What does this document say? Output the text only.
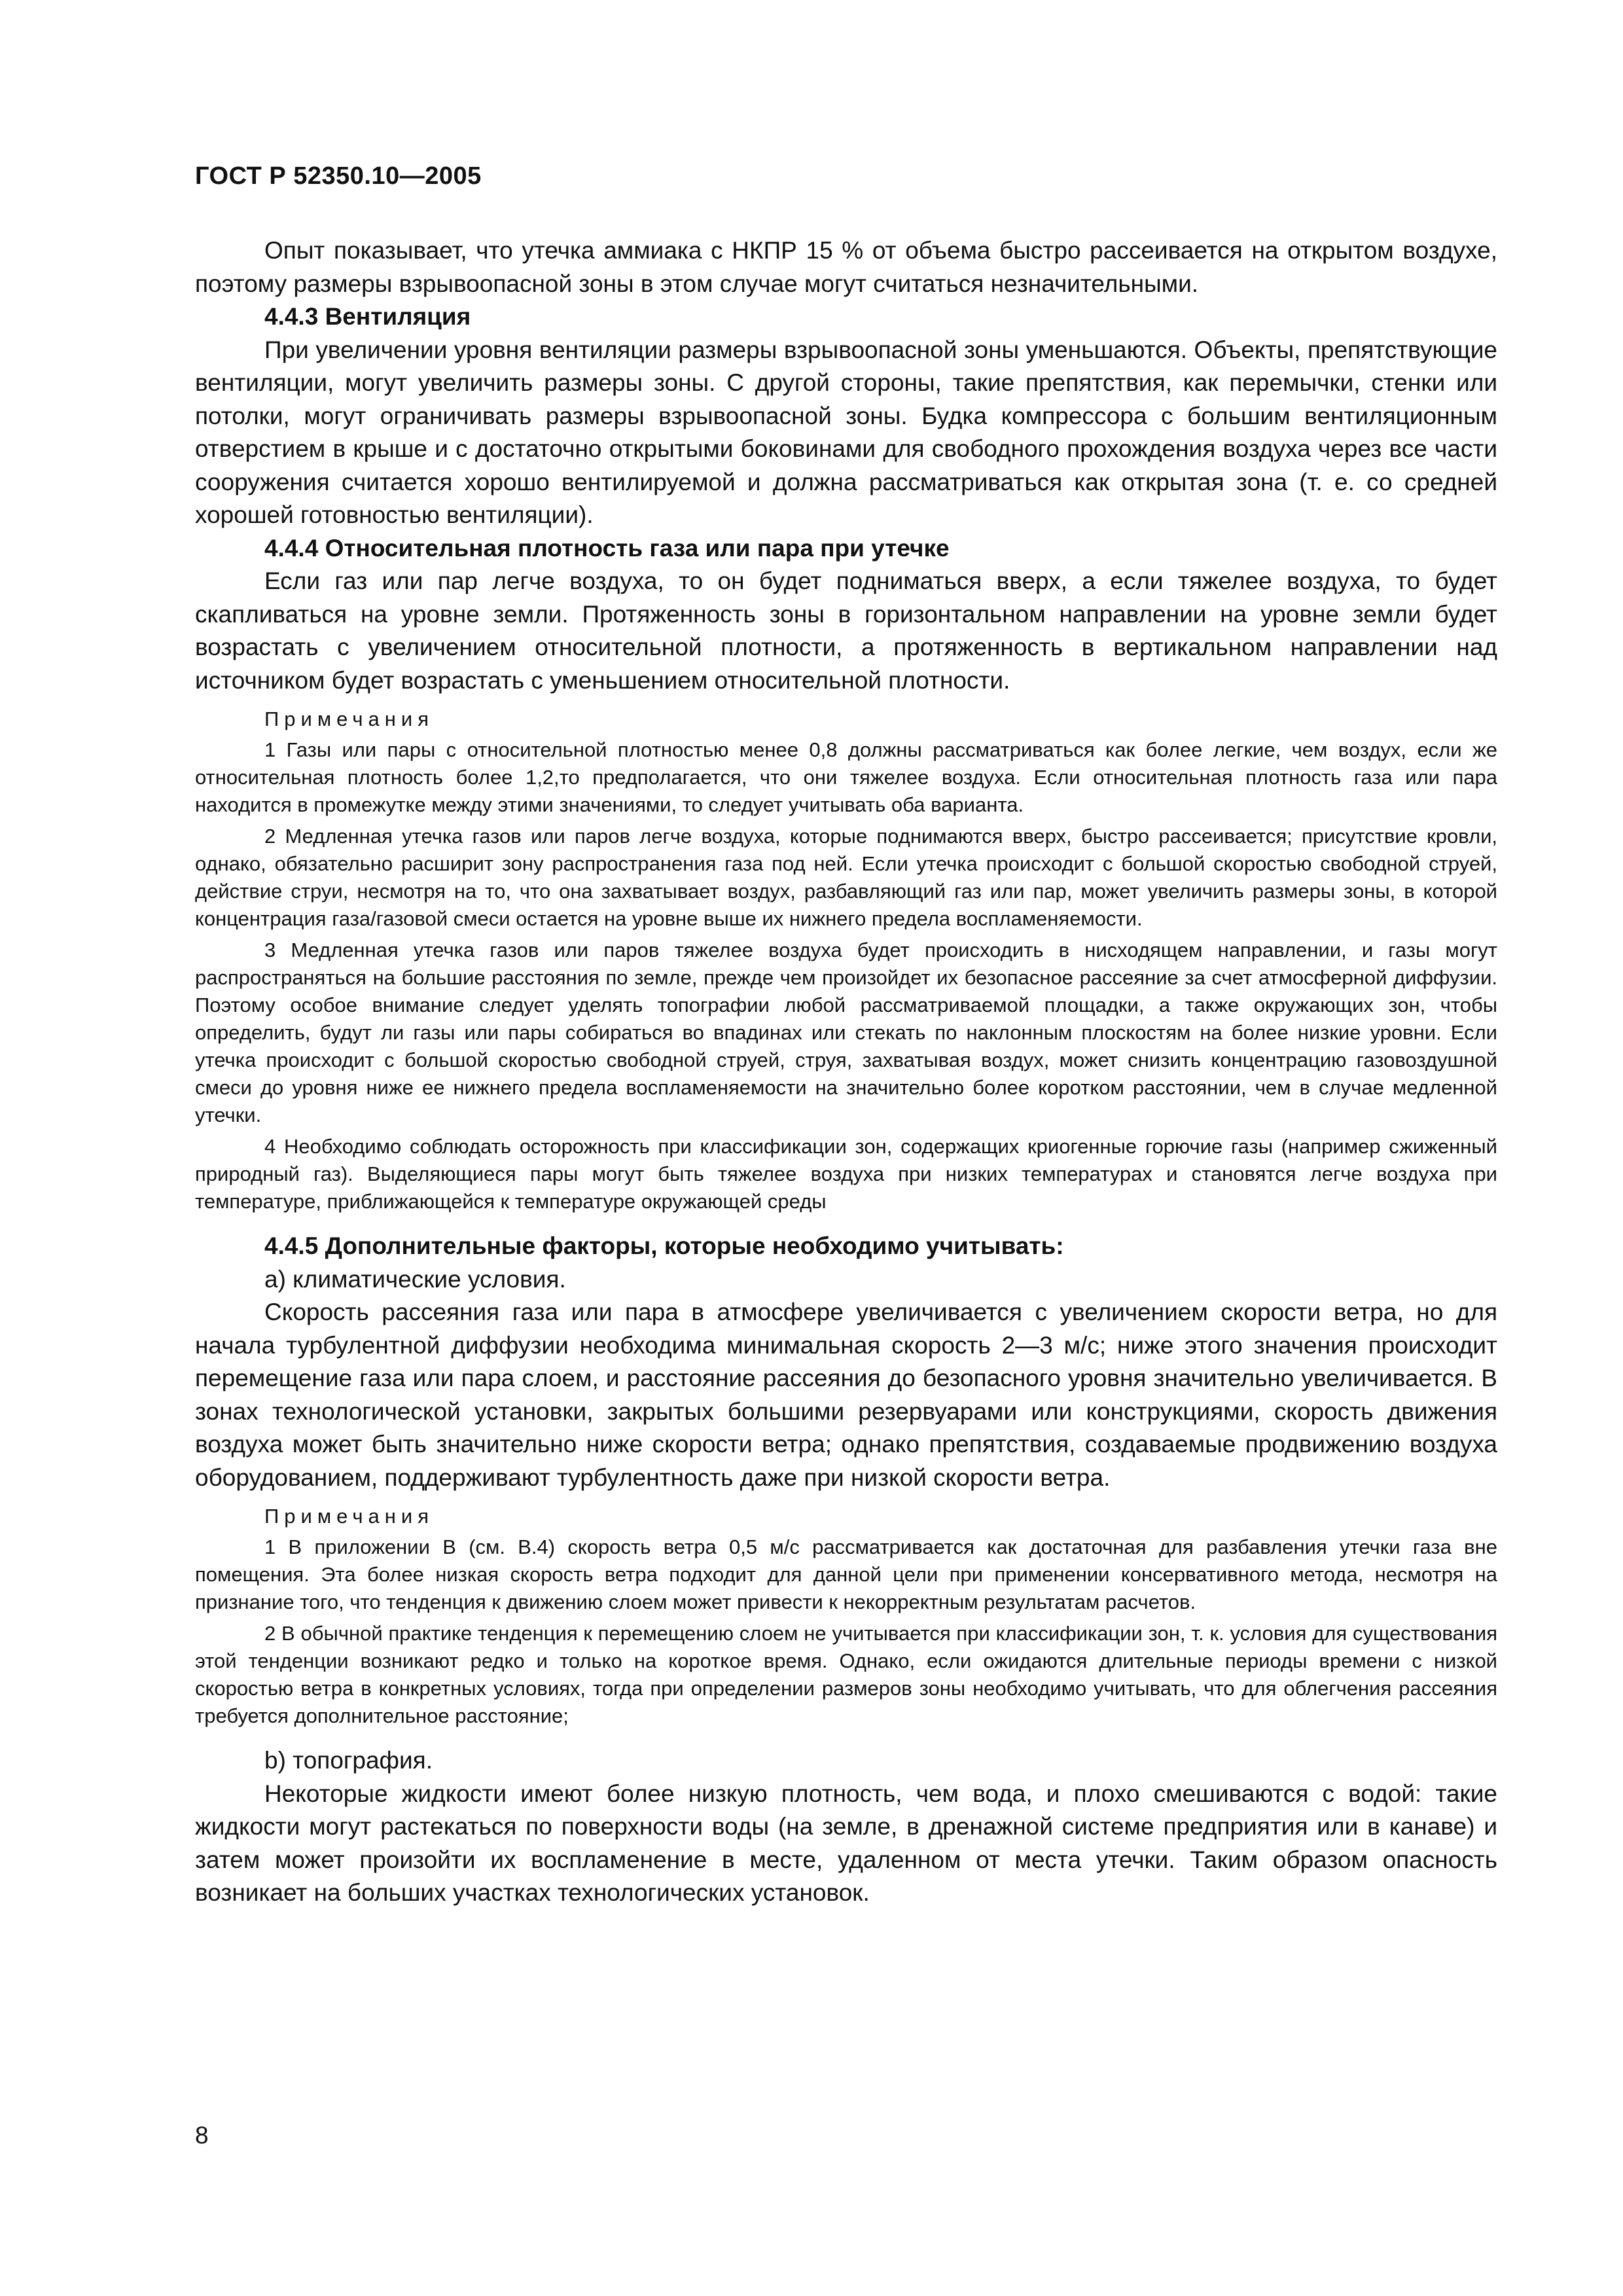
ГОСТ Р 52350.10—2005

Опыт показывает, что утечка аммиака с НКПР 15 % от объема быстро рассеивается на открытом воздухе, поэтому размеры взрывоопасной зоны в этом случае могут считаться незначительными.

4.4.3 Вентиляция

При увеличении уровня вентиляции размеры взрывоопасной зоны уменьшаются. Объекты, препятствующие вентиляции, могут увеличить размеры зоны. С другой стороны, такие препятствия, как перемычки, стенки или потолки, могут ограничивать размеры взрывоопасной зоны. Будка компрессора с большим вентиляционным отверстием в крыше и с достаточно открытыми боковинами для свободного прохождения воздуха через все части сооружения считается хорошо вентилируемой и должна рассматриваться как открытая зона (т. е. со средней хорошей готовностью вентиляции).

4.4.4 Относительная плотность газа или пара при утечке

Если газ или пар легче воздуха, то он будет подниматься вверх, а если тяжелее воздуха, то будет скапливаться на уровне земли. Протяженность зоны в горизонтальном направлении на уровне земли будет возрастать с увеличением относительной плотности, а протяженность в вертикальном направлении над источником будет возрастать с уменьшением относительной плотности.

Примечания

1 Газы или пары с относительной плотностью менее 0,8 должны рассматриваться как более легкие, чем воздух, если же относительная плотность более 1,2,то предполагается, что они тяжелее воздуха. Если относительная плотность газа или пара находится в промежутке между этими значениями, то следует учитывать оба варианта.

2 Медленная утечка газов или паров легче воздуха, которые поднимаются вверх, быстро рассеивается; присутствие кровли, однако, обязательно расширит зону распространения газа под ней. Если утечка происходит с большой скоростью свободной струей, действие струи, несмотря на то, что она захватывает воздух, разбавляющий газ или пар, может увеличить размеры зоны, в которой концентрация газа/газовой смеси остается на уровне выше их нижнего предела воспламеняемости.

3 Медленная утечка газов или паров тяжелее воздуха будет происходить в нисходящем направлении, и газы могут распространяться на большие расстояния по земле, прежде чем произойдет их безопасное рассеяние за счет атмосферной диффузии. Поэтому особое внимание следует уделять топографии любой рассматриваемой площадки, а также окружающих зон, чтобы определить, будут ли газы или пары собираться во впадинах или стекать по наклонным плоскостям на более низкие уровни. Если утечка происходит с большой скоростью свободной струей, струя, захватывая воздух, может снизить концентрацию газовоздушной смеси до уровня ниже ее нижнего предела воспламеняемости на значительно более коротком расстоянии, чем в случае медленной утечки.

4 Необходимо соблюдать осторожность при классификации зон, содержащих криогенные горючие газы (например сжиженный природный газ). Выделяющиеся пары могут быть тяжелее воздуха при низких температурах и становятся легче воздуха при температуре, приближающейся к температуре окружающей среды

4.4.5 Дополнительные факторы, которые необходимо учитывать:

а) климатические условия.

Скорость рассеяния газа или пара в атмосфере увеличивается с увеличением скорости ветра, но для начала турбулентной диффузии необходима минимальная скорость 2—3 м/с; ниже этого значения происходит перемещение газа или пара слоем, и расстояние рассеяния до безопасного уровня значительно увеличивается. В зонах технологической установки, закрытых большими резервуарами или конструкциями, скорость движения воздуха может быть значительно ниже скорости ветра; однако препятствия, создаваемые продвижению воздуха оборудованием, поддерживают турбулентность даже при низкой скорости ветра.

Примечания

1 В приложении В (см. В.4) скорость ветра 0,5 м/с рассматривается как достаточная для разбавления утечки газа вне помещения. Эта более низкая скорость ветра подходит для данной цели при применении консервативного метода, несмотря на признание того, что тенденция к движению слоем может привести к некорректным результатам расчетов.

2 В обычной практике тенденция к перемещению слоем не учитывается при классификации зон, т. к. условия для существования этой тенденции возникают редко и только на короткое время. Однако, если ожидаются длительные периоды времени с низкой скоростью ветра в конкретных условиях, тогда при определении размеров зоны необходимо учитывать, что для облегчения рассеяния требуется дополнительное расстояние;

b) топография.

Некоторые жидкости имеют более низкую плотность, чем вода, и плохо смешиваются с водой: такие жидкости могут растекаться по поверхности воды (на земле, в дренажной системе предприятия или в канаве) и затем может произойти их воспламенение в месте, удаленном от места утечки. Таким образом опасность возникает на больших участках технологических установок.

8
